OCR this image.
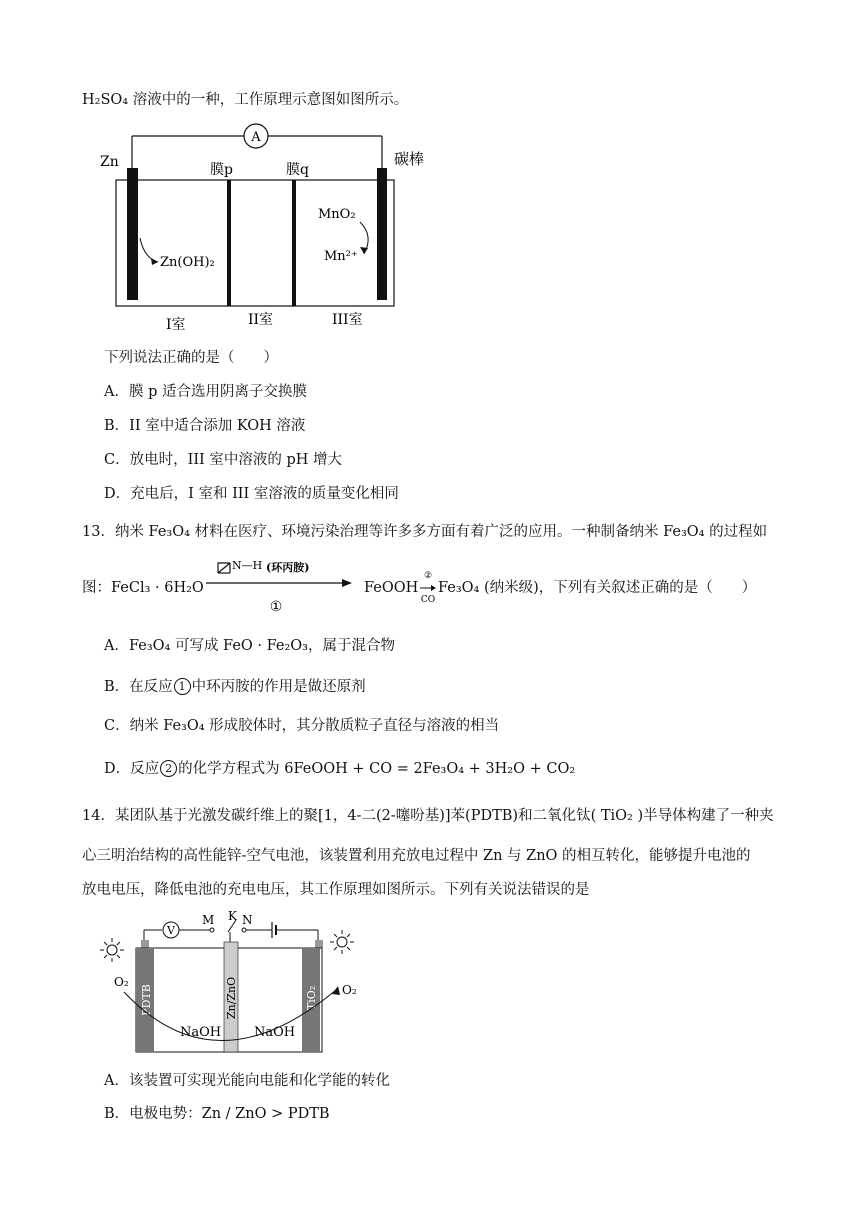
H₂SO₄ 溶液中的一种，工作原理示意图如图所示。
A
Zn	碳棒
膜p	膜q
Zn(OH)₂
MnO₂
Mn²⁺
I室	II室	III室
下列说法正确的是（　　）
A．膜 p 适合选用阴离子交换膜
B．II 室中适合添加 KOH 溶液
C．放电时，III 室中溶液的 pH 增大
D．充电后，I 室和 III 室溶液的质量变化相同
13．纳米 Fe₃O₄ 材料在医疗、环境污染治理等许多多方面有着广泛的应用。一种制备纳米 Fe₃O₄ 的过程如
图：FeCl₃ · 6H₂O
N—H (环丙胺)
①
FeOOH
②
CO
Fe₃O₄ (纳米级)，下列有关叙述正确的是（　　）
A．Fe₃O₄ 可写成 FeO · Fe₂O₃，属于混合物
B．在反应 1 中环丙胺的作用是做还原剂
C．纳米 Fe₃O₄ 形成胶体时，其分散质粒子直径与溶液的相当
D．反应 2 的化学方程式为 6FeOOH + CO = 2Fe₃O₄ + 3H₂O + CO₂
14．某团队基于光激发碳纤维上的聚[1，4-二(2-噻吩基)]苯(PDTB)和二氧化钛( TiO₂ )半导体构建了一种夹
心三明治结构的高性能锌-空气电池，该装置利用充放电过程中 Zn 与 ZnO 的相互转化，能够提升电池的
放电电压，降低电池的充电电压，其工作原理如图所示。下列有关说法错误的是
V
M K N
PDTB	Zn/ZnO	TiO₂
NaOH	NaOH
O₂
O₂
A．该装置可实现光能向电能和化学能的转化
B．电极电势：Zn / ZnO > PDTB
